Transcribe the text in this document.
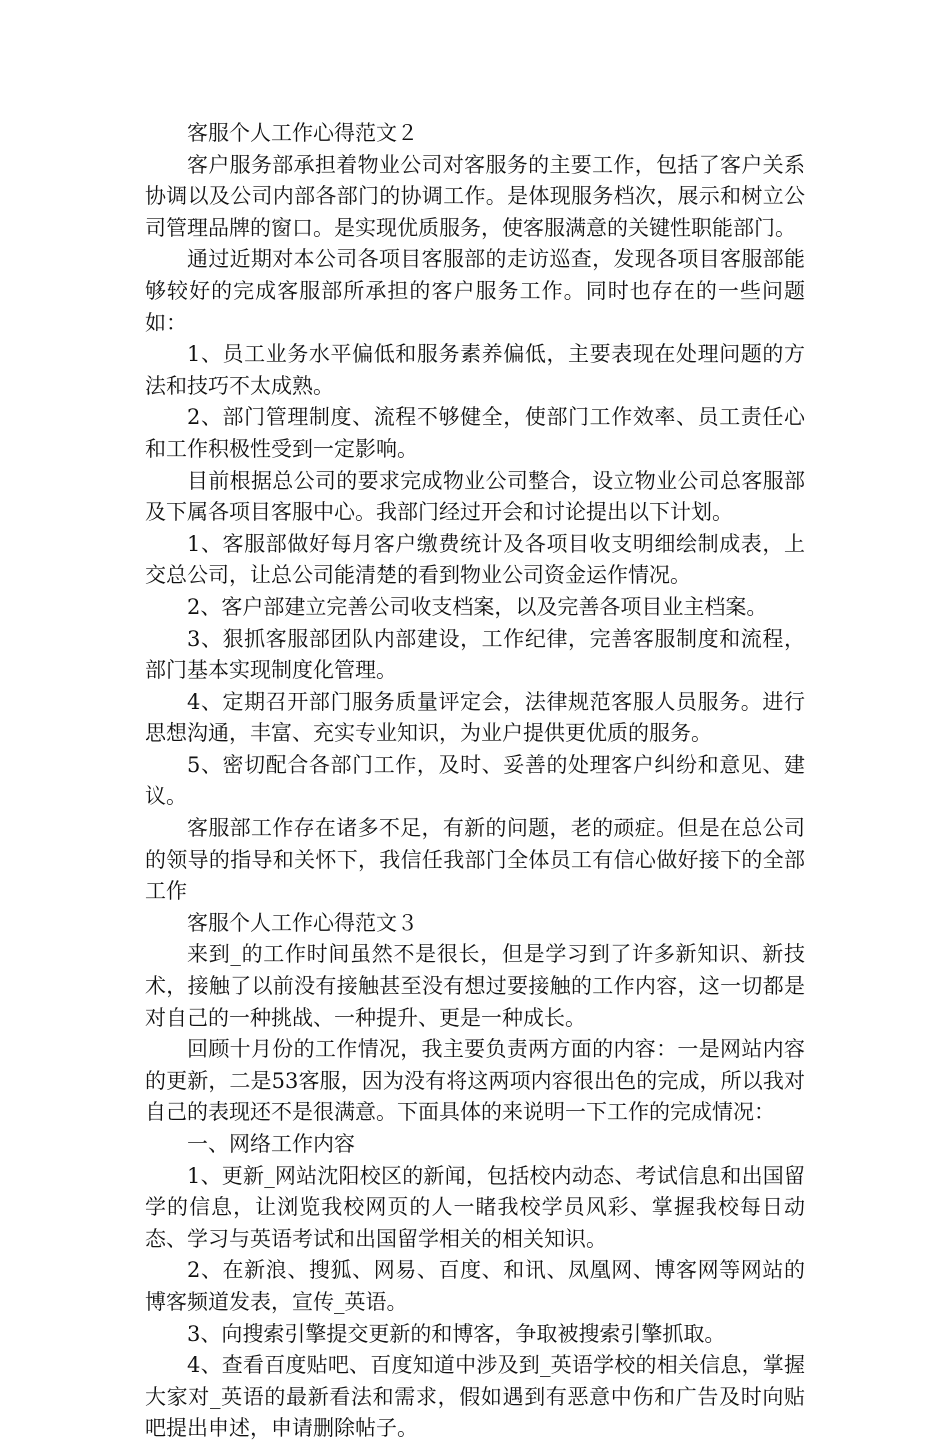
客服个人工作心得范文２

客户服务部承担着物业公司对客服务的主要工作，包括了客户关系协调以及公司内部各部门的协调工作。是体现服务档次，展示和树立公司管理品牌的窗口。是实现优质服务，使客服满意的关键性职能部门。

通过近期对本公司各项目客服部的走访巡查，发现各项目客服部能够较好的完成客服部所承担的客户服务工作。同时也存在的一些问题如：

1、员工业务水平偏低和服务素养偏低，主要表现在处理问题的方法和技巧不太成熟。

2、部门管理制度、流程不够健全，使部门工作效率、员工责任心和工作积极性受到一定影响。

目前根据总公司的要求完成物业公司整合，设立物业公司总客服部及下属各项目客服中心。我部门经过开会和讨论提出以下计划。

1、客服部做好每月客户缴费统计及各项目收支明细绘制成表，上交总公司，让总公司能清楚的看到物业公司资金运作情况。

2、客户部建立完善公司收支档案，以及完善各项目业主档案。

3、狠抓客服部团队内部建设，工作纪律，完善客服制度和流程，部门基本实现制度化管理。

4、定期召开部门服务质量评定会，法律规范客服人员服务。进行思想沟通，丰富、充实专业知识，为业户提供更优质的服务。

5、密切配合各部门工作，及时、妥善的处理客户纠纷和意见、建议。

客服部工作存在诸多不足，有新的问题，老的顽症。但是在总公司的领导的指导和关怀下，我信任我部门全体员工有信心做好接下的全部工作

客服个人工作心得范文３

来到_的工作时间虽然不是很长，但是学习到了许多新知识、新技术，接触了以前没有接触甚至没有想过要接触的工作内容，这一切都是对自己的一种挑战、一种提升、更是一种成长。

回顾十月份的工作情况，我主要负责两方面的内容：一是网站内容的更新，二是53客服，因为没有将这两项内容很出色的完成，所以我对自己的表现还不是很满意。下面具体的来说明一下工作的完成情况：

一、网络工作内容

1、更新_网站沈阳校区的新闻，包括校内动态、考试信息和出国留学的信息，让浏览我校网页的人一睹我校学员风彩、掌握我校每日动态、学习与英语考试和出国留学相关的相关知识。

2、在新浪、搜狐、网易、百度、和讯、凤凰网、博客网等网站的博客频道发表，宣传_英语。

3、向搜索引擎提交更新的和博客，争取被搜索引擎抓取。

4、查看百度贴吧、百度知道中涉及到_英语学校的相关信息，掌握大家对_英语的最新看法和需求，假如遇到有恶意中伤和广告及时向贴吧提出申述，申请删除帖子。
